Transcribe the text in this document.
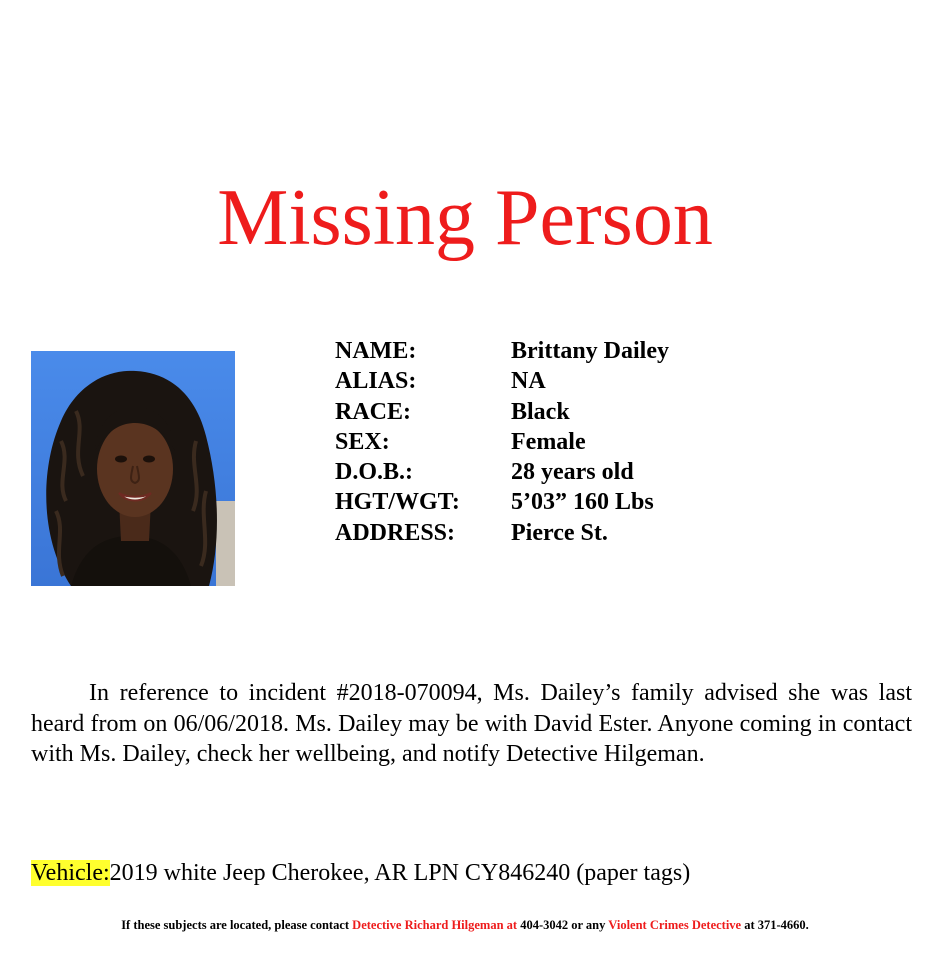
Missing Person
NAME:	Brittany Dailey
ALIAS:	NA
RACE:	Black
SEX:	Female
D.O.B.:	28 years old
HGT/WGT:	5’03” 160 Lbs
ADDRESS:	Pierce St.
In reference to incident #2018-070094, Ms. Dailey’s family advised she was last heard from on 06/06/2018. Ms. Dailey may be with David Ester. Anyone coming in contact with Ms. Dailey, check her wellbeing, and notify Detective Hilgeman.
Vehicle:2019 white Jeep Cherokee, AR LPN CY846240 (paper tags)
If these subjects are located, please contact Detective Richard Hilgeman at 404-3042 or any Violent Crimes Detective at 371-4660.
